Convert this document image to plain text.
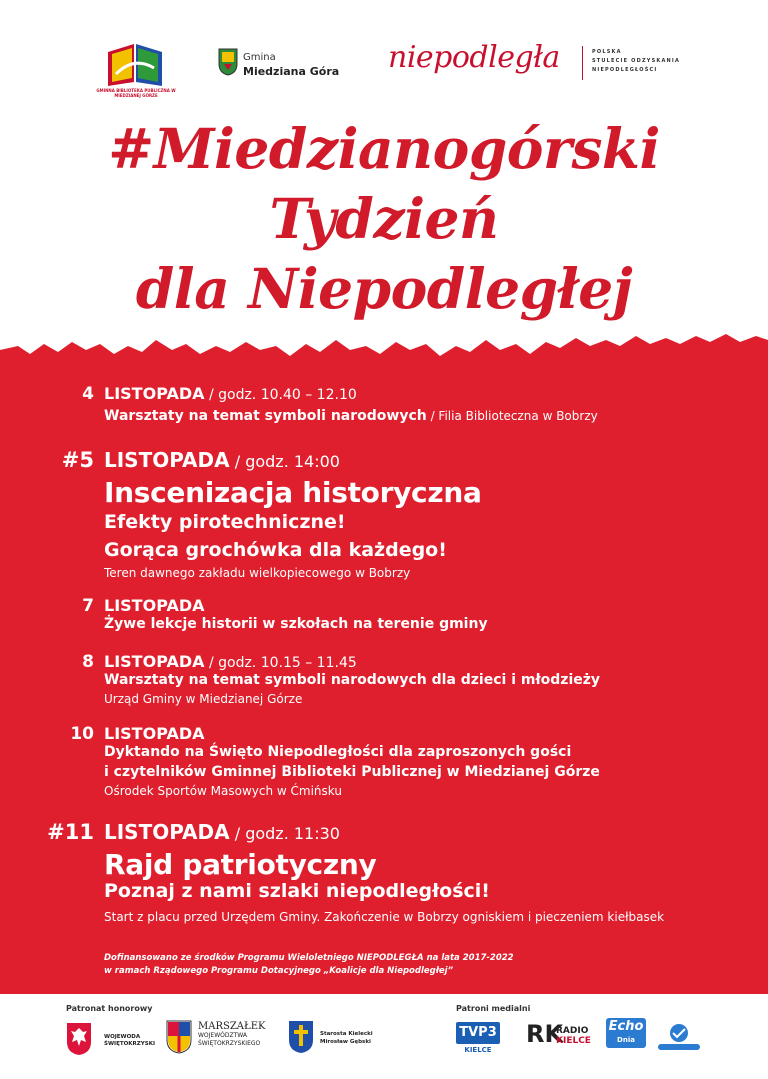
GMINNA BIBLIOTEKA PUBLICZNA W MIEDZIANEJ GÓRZE
Gmina
Miedziana Góra niepodległa	POLSKA
STULECIE ODZYSKANIA
NIEPODLEGŁOŚCI
#Miedzianogórski
Tydzień
dla Niepodległej
4 LISTOPADA / godz. 10.40 – 12.10
Warsztaty na temat symboli narodowych / Filia Biblioteczna w Bobrzy
#5 LISTOPADA / godz. 14:00
Inscenizacja historyczna
Efekty pirotechniczne!
Gorąca grochówka dla każdego!
Teren dawnego zakładu wielkopiecowego w Bobrzy
7 LISTOPADA
Żywe lekcje historii w szkołach na terenie gminy
8 LISTOPADA / godz. 10.15 – 11.45
Warsztaty na temat symboli narodowych dla dzieci i młodzieży
Urząd Gminy w Miedzianej Górze
10 LISTOPADA
Dyktando na Święto Niepodległości dla zaproszonych gości
i czytelników Gminnej Biblioteki Publicznej w Miedzianej Górze
Ośrodek Sportów Masowych w Ćmińsku
#11 LISTOPADA / godz. 11:30
Rajd patriotyczny
Poznaj z nami szlaki niepodległości!
Start z placu przed Urzędem Gminy. Zakończenie w Bobrzy ogniskiem i pieczeniem kiełbasek
Dofinansowano ze środków Programu Wieloletniego NIEPODLEGŁA na lata 2017-2022
w ramach Rządowego Programu Dotacyjnego „Koalicje dla Niepodległej”
Patronat honorowy	Patroni medialni
WOJEWODA
ŚWIĘTOKRZYSKI
MARSZAŁEK
WOJEWÓDZTWA
ŚWIĘTOKRZYSKIEGO
Starosta Kielecki
Mirosław Gębski
TVP3
KIELCE
RK
RADIO
KIELCE
Echo
Dnia
